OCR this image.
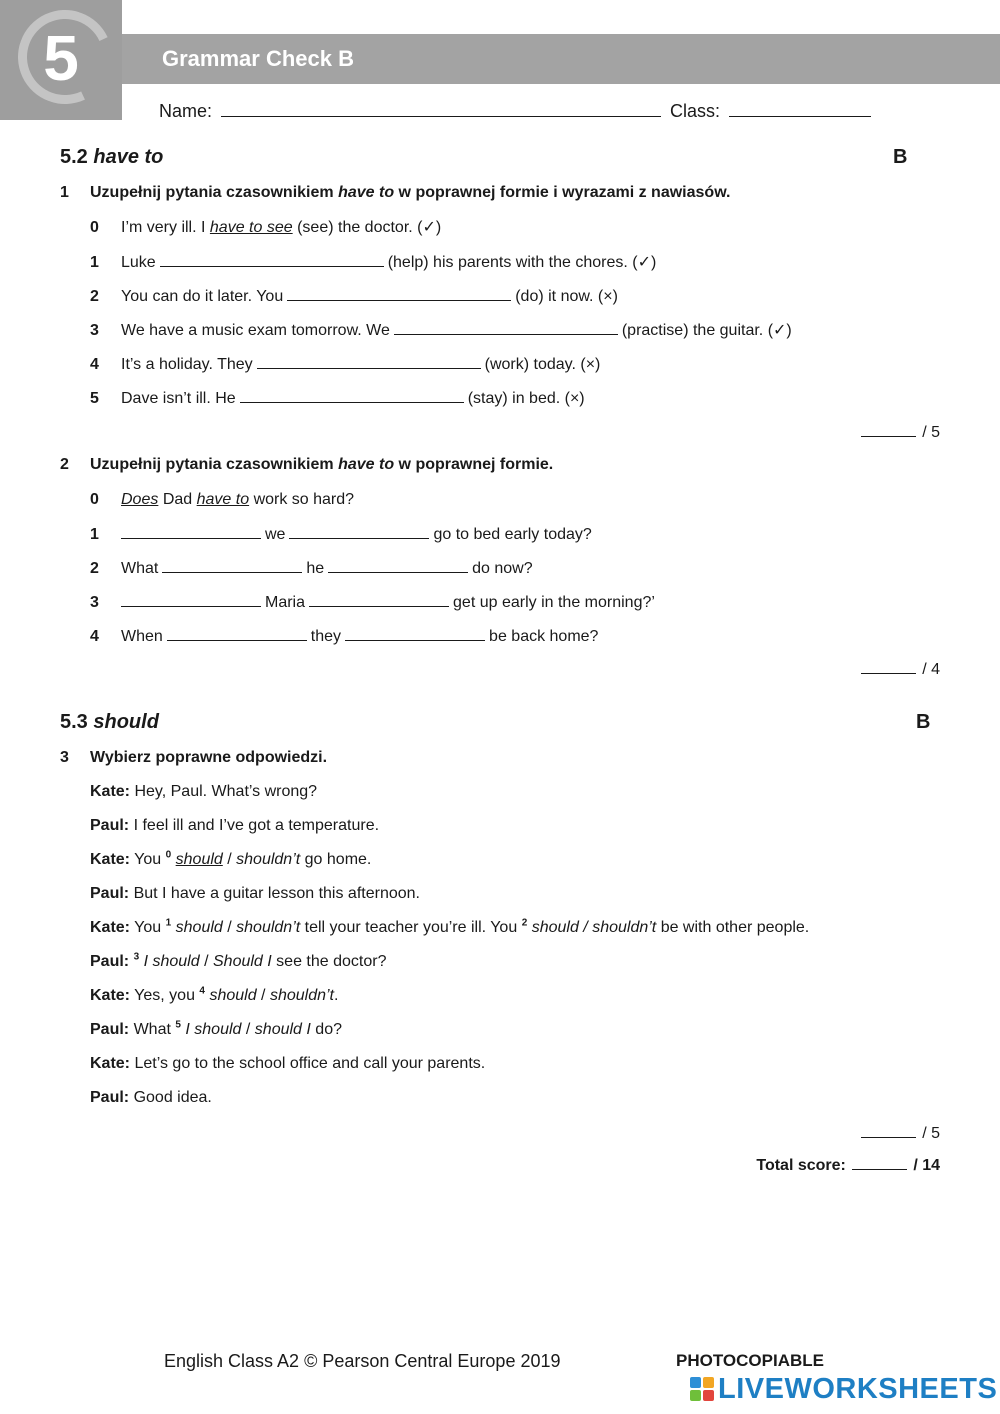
5	Grammar Check B
Name:	Class:
5.2 have to	B
1 Uzupełnij pytania czasownikiem have to w poprawnej formie i wyrazami z nawiasów.
0 I’m very ill. I have to see (see) the doctor. (✓)
1 Luke	(help) his parents with the chores. (✓)
2 You can do it later. You	(do) it now. (×)
3 We have a music exam tomorrow. We	(practise) the guitar. (✓)
4 It’s a holiday. They	(work) today. (×)
5 Dave isn’t ill. He	(stay) in bed. (×)
/ 5
2 Uzupełnij pytania czasownikiem have to w poprawnej formie.
0 Does Dad have to work so hard?
1	we	go to bed early today?
2 What	he	do now?
3	Maria	get up early in the morning?’
4 When	they	be back home?
/ 4
5.3 should	B
3 Wybierz poprawne odpowiedzi.
Kate: Hey, Paul. What’s wrong?
Paul: I feel ill and I’ve got a temperature.
Kate: You $^0$ should / shouldn’t go home.
Paul: But I have a guitar lesson this afternoon.
Kate: You $^1$ should / shouldn’t tell your teacher you’re ill. You $^2$ should / shouldn’t be with other people.
Paul: $^3$ I should / Should I see the doctor?
Kate: Yes, you $^4$ should / shouldn’t.
Paul: What $^5$ I should / should I do?
Kate: Let’s go to the school office and call your parents.
Paul: Good idea.
/ 5
Total score:	/ 14
English Class A2 © Pearson Central Europe 2019	PHOTOCOPIABLE
LIVEWORKSHEETS
